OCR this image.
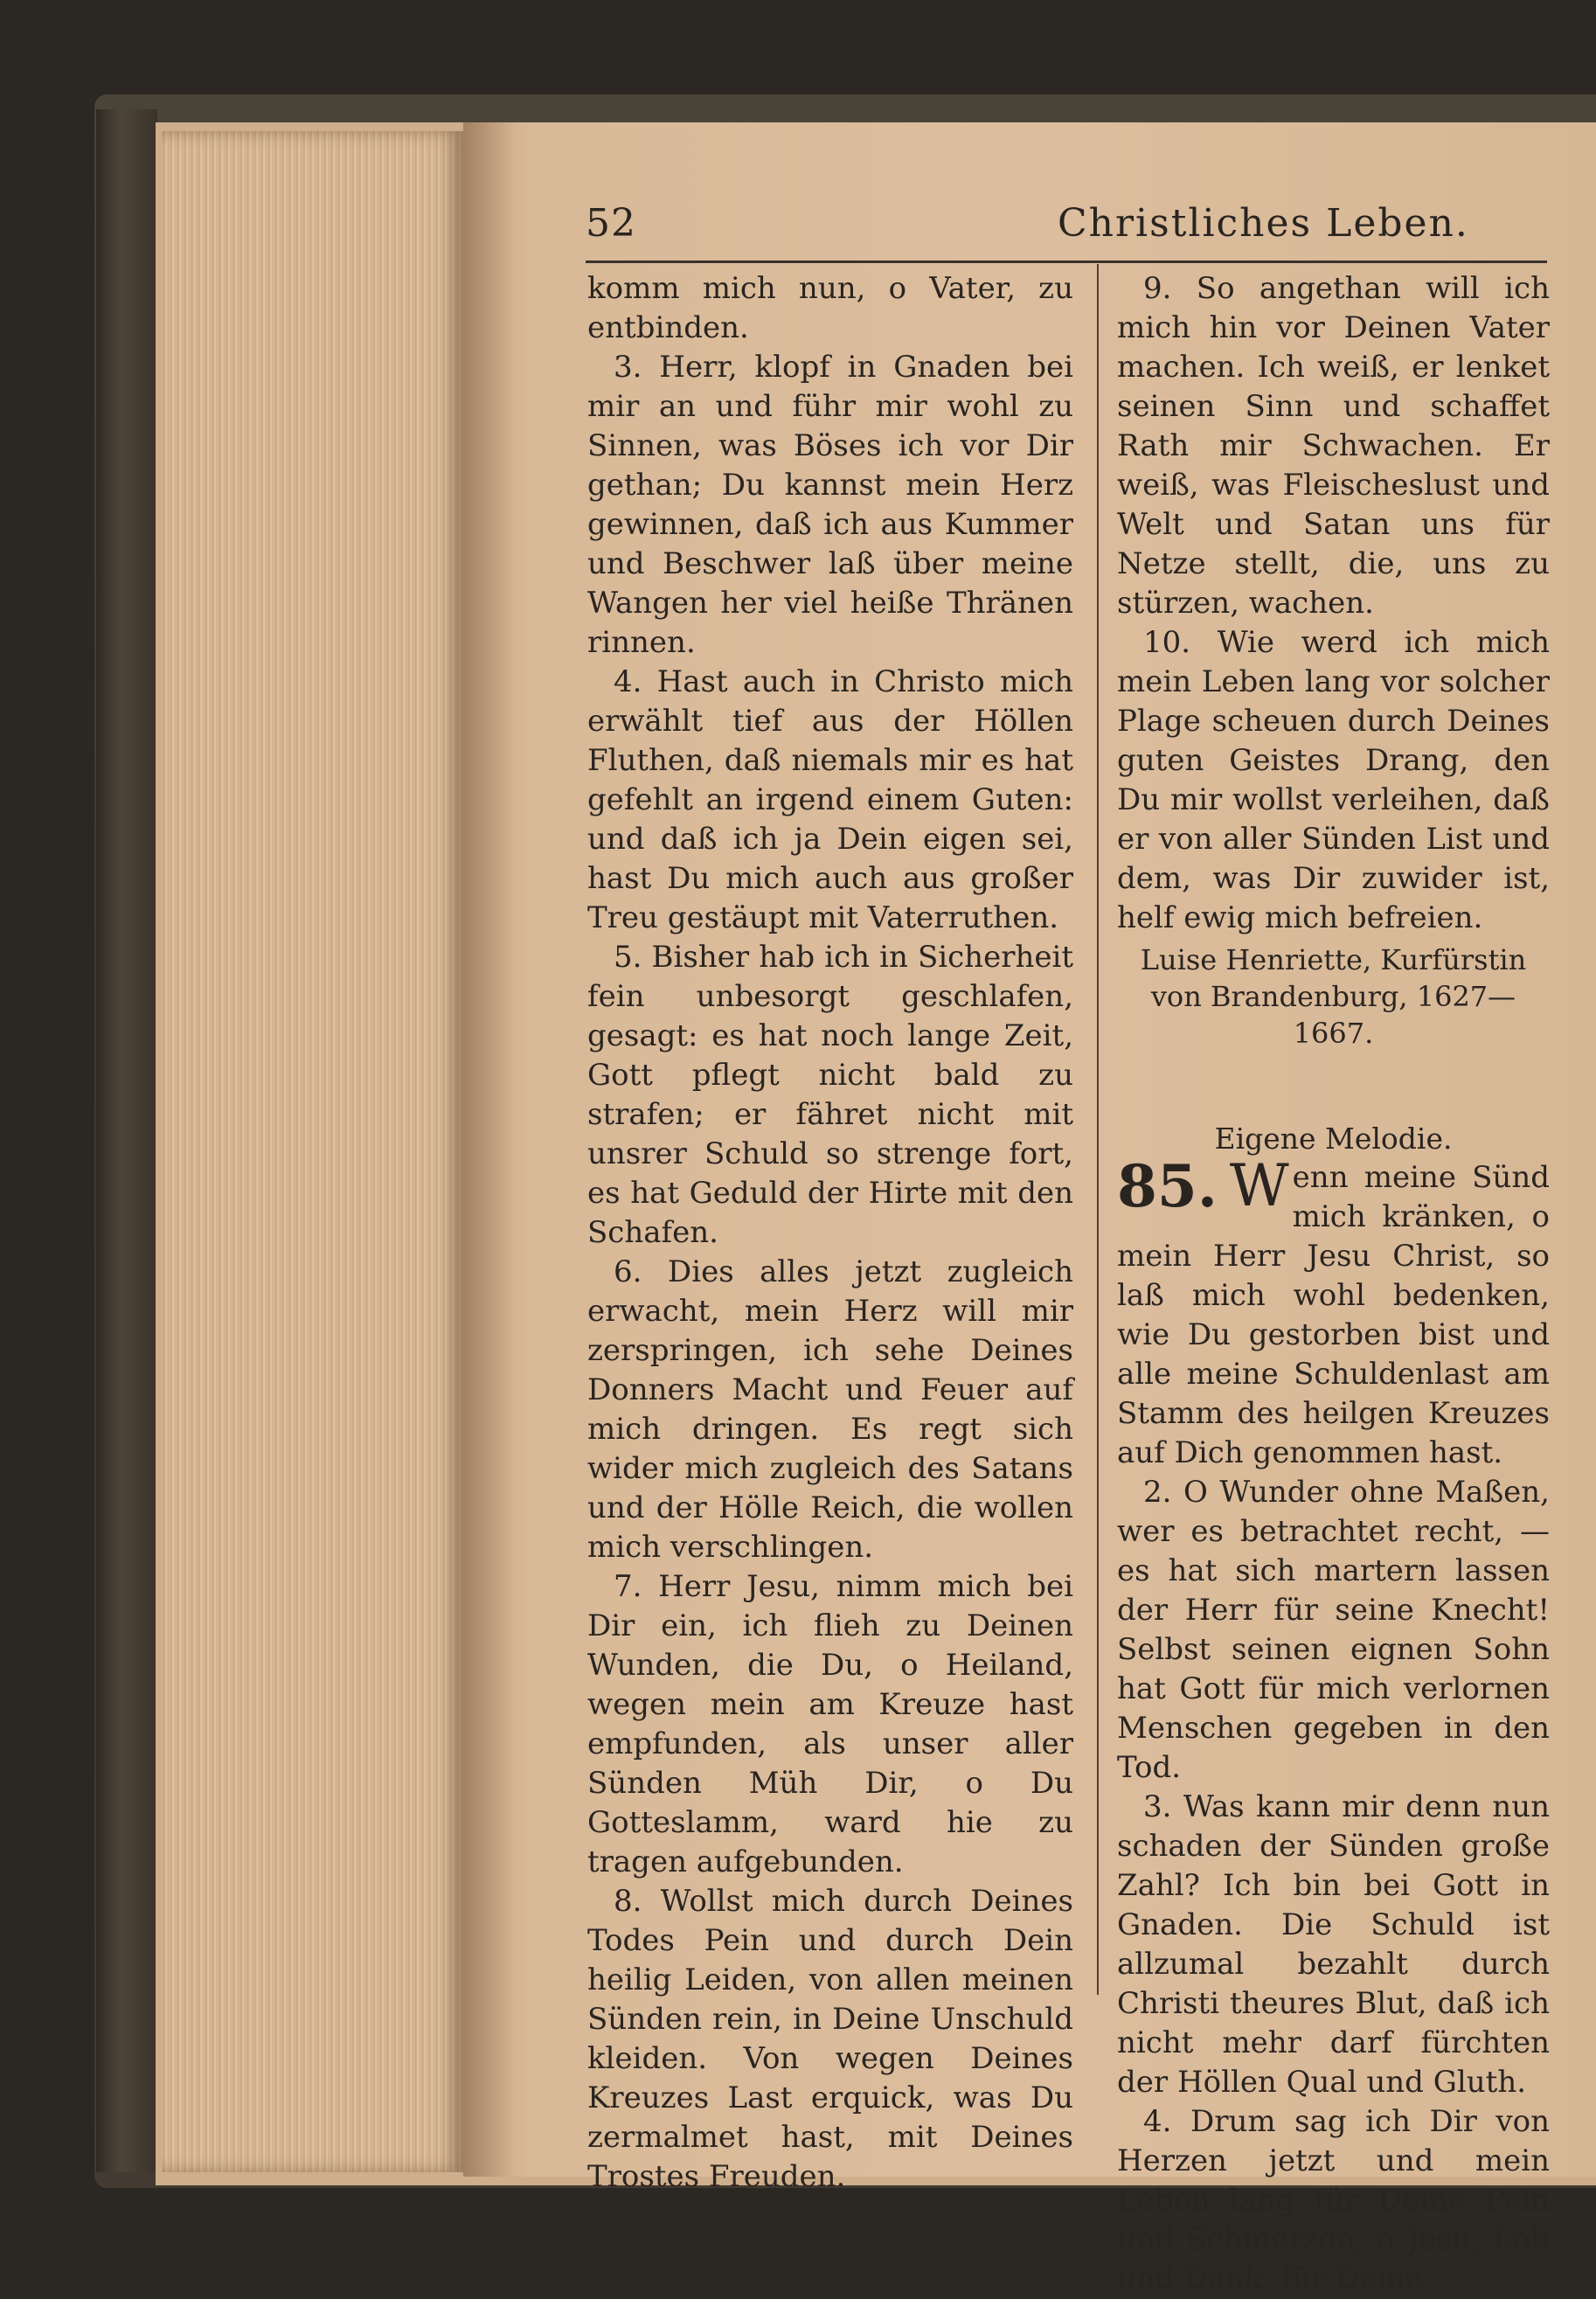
52	Christliches Leben.

komm mich nun, o Vater, zu entbinden.

3. Herr, klopf in Gnaden bei mir an und führ mir wohl zu Sinnen, was Böses ich vor Dir gethan; Du kannst mein Herz gewinnen, daß ich aus Kummer und Beschwer laß über meine Wangen her viel heiße Thränen rinnen.

4. Hast auch in Christo mich erwählt tief aus der Höllen Fluthen, daß niemals mir es hat gefehlt an irgend einem Guten: und daß ich ja Dein eigen sei, hast Du mich auch aus großer Treu gestäupt mit Vaterruthen.

5. Bisher hab ich in Sicherheit fein unbesorgt geschlafen, gesagt: es hat noch lange Zeit, Gott pflegt nicht bald zu strafen; er fähret nicht mit unsrer Schuld so strenge fort, es hat Geduld der Hirte mit den Schafen.

6. Dies alles jetzt zugleich erwacht, mein Herz will mir zerspringen, ich sehe Deines Donners Macht und Feuer auf mich dringen. Es regt sich wider mich zugleich des Satans und der Hölle Reich, die wollen mich verschlingen.

7. Herr Jesu, nimm mich bei Dir ein, ich flieh zu Deinen Wunden, die Du, o Heiland, wegen mein am Kreuze hast empfunden, als unser aller Sünden Müh Dir, o Du Gotteslamm, ward hie zu tragen aufgebunden.

8. Wollst mich durch Deines Todes Pein und durch Dein heilig Leiden, von allen meinen Sünden rein, in Deine Unschuld kleiden. Von wegen Deines Kreuzes Last erquick, was Du zermalmet hast, mit Deines Trostes Freuden.

9. So angethan will ich mich hin vor Deinen Vater machen. Ich weiß, er lenket seinen Sinn und schaffet Rath mir Schwachen. Er weiß, was Fleischeslust und Welt und Satan uns für Netze stellt, die, uns zu stürzen, wachen.

10. Wie werd ich mich mein Leben lang vor solcher Plage scheuen durch Deines guten Geistes Drang, den Du mir wollst verleihen, daß er von aller Sünden List und dem, was Dir zuwider ist, helf ewig mich befreien.

Luise Henriette, Kurfürstin von Brandenburg, 1627—1667.
Eigene Melodie.

85. W enn meine Sünd mich kränken, o mein Herr Jesu Christ, so laß mich wohl bedenken, wie Du gestorben bist und alle meine Schuldenlast am Stamm des heilgen Kreuzes auf Dich genommen hast.

2. O Wunder ohne Maßen, wer es betrachtet recht, — es hat sich martern lassen der Herr für seine Knecht! Selbst seinen eignen Sohn hat Gott für mich verlornen Menschen gegeben in den Tod.

3. Was kann mir denn nun schaden der Sünden große Zahl? Ich bin bei Gott in Gnaden. Die Schuld ist allzumal bezahlt durch Christi theures Blut, daß ich nicht mehr darf fürchten der Höllen Qual und Gluth.

4. Drum sag ich Dir von Herzen jetzt und mein Leben lang für Deine Pein und Schmerzen, o Jesu, Lob und Dank, für Deine
